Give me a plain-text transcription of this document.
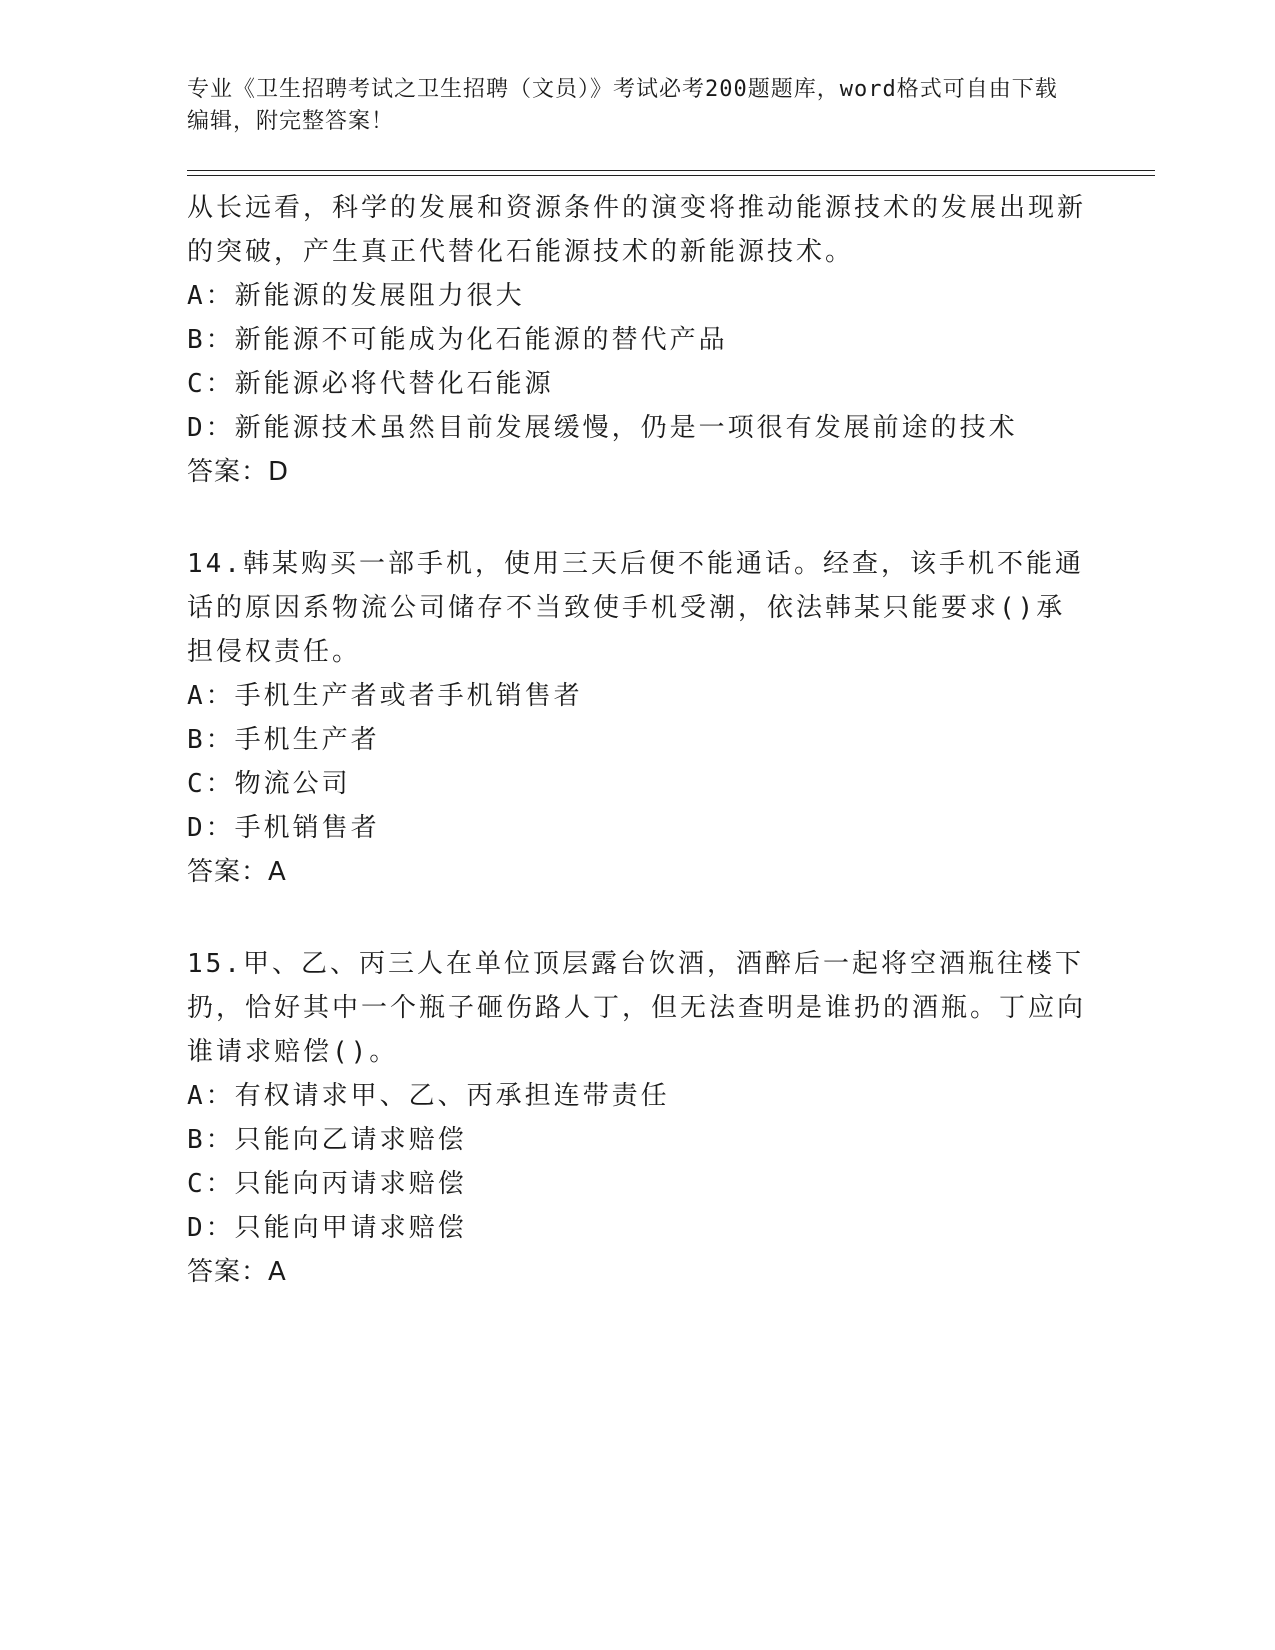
专业《卫生招聘考试之卫生招聘（文员）》考试必考200题题库，word格式可自由下载编辑，附完整答案！

从长远看，科学的发展和资源条件的演变将推动能源技术的发展出现新的突破，产生真正代替化石能源技术的新能源技术。

A：新能源的发展阻力很大

B：新能源不可能成为化石能源的替代产品

C：新能源必将代替化石能源

D：新能源技术虽然目前发展缓慢，仍是一项很有发展前途的技术

答案：D

14.韩某购买一部手机，使用三天后便不能通话。经查，该手机不能通话的原因系物流公司储存不当致使手机受潮，依法韩某只能要求()承担侵权责任。

A：手机生产者或者手机销售者

B：手机生产者

C：物流公司

D：手机销售者

答案：A

15.甲、乙、丙三人在单位顶层露台饮酒，酒醉后一起将空酒瓶往楼下扔，恰好其中一个瓶子砸伤路人丁，但无法查明是谁扔的酒瓶。丁应向谁请求赔偿()。

A：有权请求甲、乙、丙承担连带责任

B：只能向乙请求赔偿

C：只能向丙请求赔偿

D：只能向甲请求赔偿

答案：A
